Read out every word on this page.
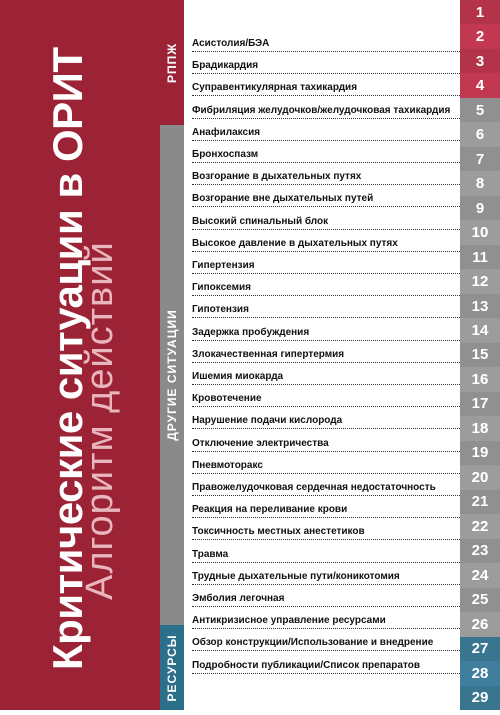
Критические ситуации в ОРИТ
Алгоритм действий
РППЖ
ДРУГИЕ СИТУАЦИИ
РЕСУРСЫ
Асистолия/БЭА
Брадикардия
Суправентикулярная тахикардия
Фибриляция желудочков/желудочковая тахикардия
Анафилаксия
Бронхоспазм
Возгорание в дыхательных путях
Возгорание вне дыхательных путей
Высокий спинальный блок
Высокое давление в дыхательных путях
Гипертензия
Гипоксемия
Гипотензия
Задержка пробуждения
Злокачественная гипертермия
Ишемия миокарда
Кровотечение
Нарушение подачи кислорода
Отключение электричества
Пневмоторакс
Правожелудочковая сердечная недостаточность
Реакция на переливание крови
Токсичность местных анестетиков
Травма
Трудные дыхательные пути/коникотомия
Эмболия легочная
Антикризисное управление ресурсами
Обзор конструкции/Использование и внедрение
Подробности публикации/Список препаратов
1
2
3
4
5
6
7
8
9
10
11
12
13
14
15
16
17
18
19
20
21
22
23
24
25
26
27
28
29
